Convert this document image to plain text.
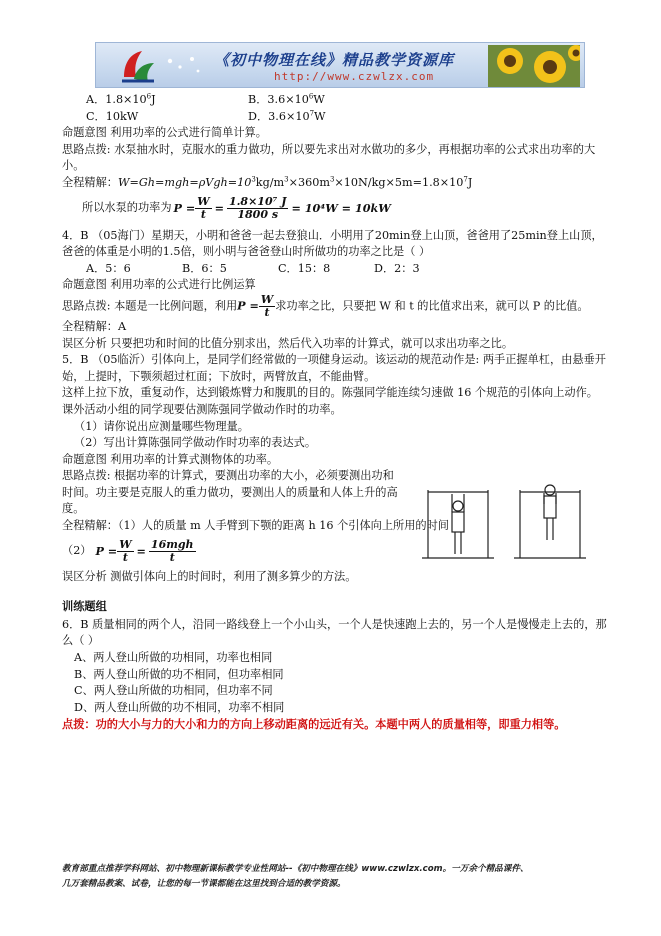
《初中物理在线》精品教学资源库
http://www.czwlzx.com
A．$1.8\times 10^6J$	B．$3.6\times 10^6W$
C．10kW	D．$3.6\times 10^7W$
命题意图 利用功率的公式进行简单计算。
思路点拨: 水泵抽水时，克服水的重力做功，所以要先求出对水做功的多少，再根据功率的公式求出功率的大小。
全程精解：$W=Gh=mgh=\rho Vgh=10^3kg/m^3\times 360m^3\times 10N/kg\times 5m=1.8\times 10^7J$
所以水泵的功率为 $P = \frac{W}{t} = \frac{\text{1.8×10⁷ J}}{1800 s} = 10^4W = 10kW$
4．B （05海门）星期天，小明和爸爸一起去登狼山．小明用了20min登上山顶，爸爸用了25min登上山顶，爸爸的体重是小明的1.5倍，则小明与爸爸登山时所做功的功率之比是（ ）
A．5：6	B．6：5	C．15：8	D．2：3
命题意图 利用功率的公式进行比例运算
思路点拨: 本题是一比例问题，利用$P = \frac{W}{t}$ 求功率之比，只要把 W 和 t 的比值求出来，就可以 P 的比值。
全程精解：A
误区分析 只要把功和时间的比值分别求出，然后代入功率的计算式，就可以求出功率之比。
5．B （05临沂）引体向上，是同学们经常做的一项健身运动。该运动的规范动作是: 两手正握单杠，由悬垂开始，上提时，下颚须超过杠面；下放时，两臂放直，不能曲臂。
这样上拉下放，重复动作，达到锻炼臂力和腹肌的目的。陈强同学能连续匀速做 16 个规范的引体向上动作。课外活动小组的同学现要估测陈强同学做动作时的功率。
（1）请你说出应测量哪些物理量。
（2）写出计算陈强同学做动作时功率的表达式。
命题意图 利用功率的计算式测物体的功率。
思路点拨: 根据功率的计算式，要测出功率的大小，必须要测出功和时间。功主要是克服人的重力做功，要测出人的质量和人体上升的高度。
全程精解：（1）人的质量 m 人手臂到下颚的距离 h 16 个引体向上所用的时间
（2） $P = \frac{W}{t} = \frac{\text{16mgh}}{t}$
误区分析 测做引体向上的时间时，利用了测多算少的方法。
训练题组
6．B 质量相同的两个人，沿同一路线登上一个小山头，一个人是快速跑上去的，另一个人是慢慢走上去的，那么（ ）
A、两人登山所做的功相同，功率也相同
B、两人登山所做的功不相同，但功率相同
C、两人登山所做的功相同，但功率不同
D、两人登山所做的功不相同，功率不相同
点拨：功的大小与力的大小和力的方向上移动距离的远近有关。本题中两人的质量相等，即重力相等。
教育部重点推荐学科网站、初中物理新课标教学专业性网站--《初中物理在线》www.czwlzx.com。一万余个精品课件、
几万套精品教案、试卷，让您的每一节课都能在这里找到合适的教学资源。
